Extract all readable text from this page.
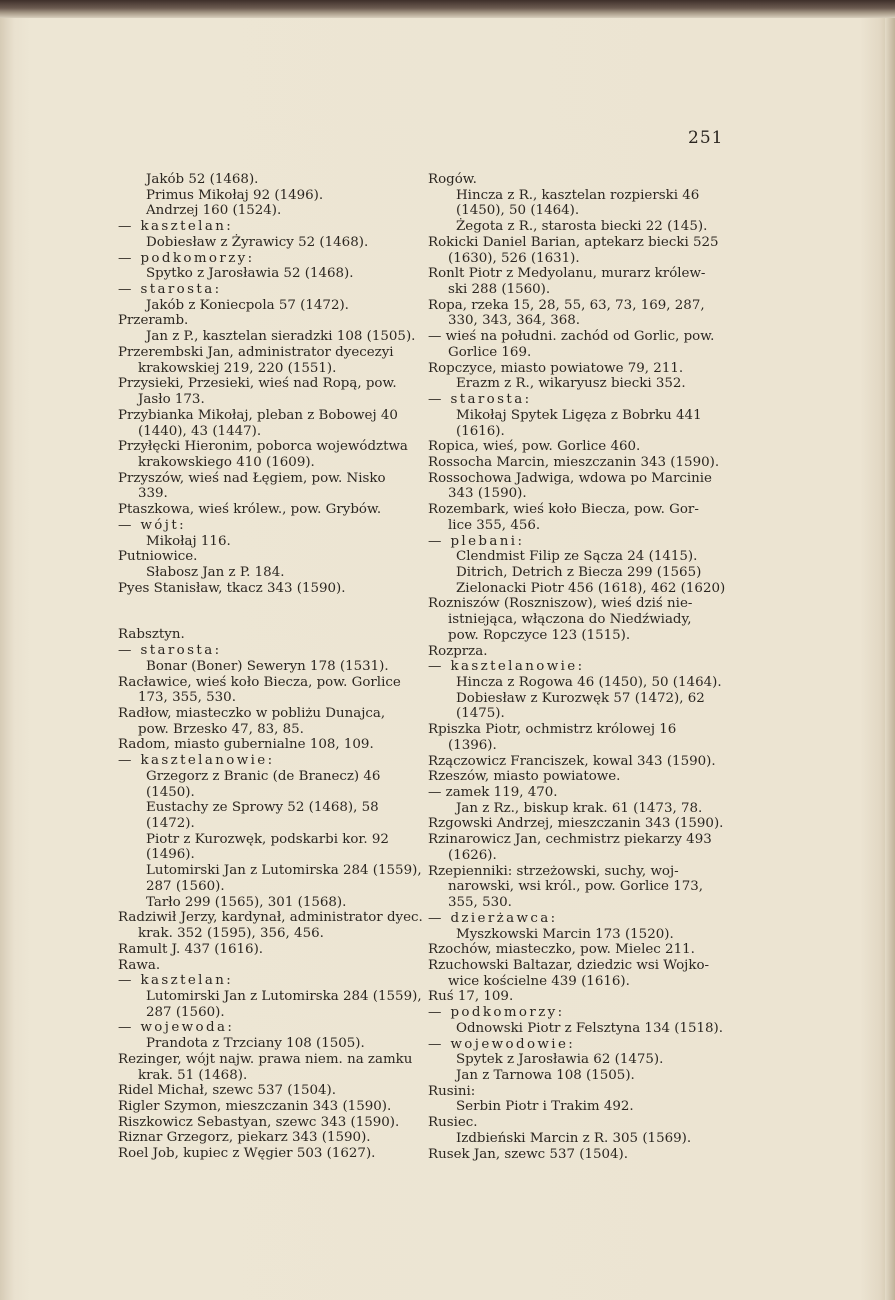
251
Jakób 52 (1468).
Primus Mikołaj 92 (1496).
Andrzej 160 (1524).
— kasztelan:
Dobiesław z Żyrawicy 52 (1468).
— podkomorzy:
Spytko z Jarosławia 52 (1468).
— starosta:
Jakób z Koniecpola 57 (1472).
Przeramb.
Jan z P., kasztelan sieradzki 108 (1505).
Przerembski Jan, administrator dyecezyi
krakowskiej 219, 220 (1551).
Przysieki, Przesieki, wieś nad Ropą, pow.
Jasło 173.
Przybianka Mikołaj, pleban z Bobowej 40
(1440), 43 (1447).
Przyłęcki Hieronim, poborca województwa
krakowskiego 410 (1609).
Przyszów, wieś nad Łęgiem, pow. Nisko
339.
Ptaszkowa, wieś królew., pow. Grybów.
— wójt:
Mikołaj 116.
Putniowice.
Słabosz Jan z P. 184.
Pyes Stanisław, tkacz 343 (1590).
Rabsztyn.
— starosta:
Bonar (Boner) Seweryn 178 (1531).
Racławice, wieś koło Biecza, pow. Gorlice
173, 355, 530.
Radłow, miasteczko w pobliżu Dunajca,
pow. Brzesko 47, 83, 85.
Radom, miasto gubernialne 108, 109.
— kasztelanowie:
Grzegorz z Branic (de Branecz) 46
(1450).
Eustachy ze Sprowy 52 (1468), 58
(1472).
Piotr z Kurozwęk, podskarbi kor. 92
(1496).
Lutomirski Jan z Lutomirska 284 (1559),
287 (1560).
Tarło 299 (1565), 301 (1568).
Radziwił Jerzy, kardynał, administrator dyec.
krak. 352 (1595), 356, 456.
Ramult J. 437 (1616).
Rawa.
— kasztelan:
Lutomirski Jan z Lutomirska 284 (1559),
287 (1560).
— wojewoda:
Prandota z Trzciany 108 (1505).
Rezinger, wójt najw. prawa niem. na zamku
krak. 51 (1468).
Ridel Michał, szewc 537 (1504).
Rigler Szymon, mieszczanin 343 (1590).
Riszkowicz Sebastyan, szewc 343 (1590).
Riznar Grzegorz, piekarz 343 (1590).
Roel Job, kupiec z Węgier 503 (1627).
Rogów.
Hincza z R., kasztelan rozpierski 46
(1450), 50 (1464).
Żegota z R., starosta biecki 22 (145).
Rokicki Daniel Barian, aptekarz biecki 525
(1630), 526 (1631).
Ronlt Piotr z Medyolanu, murarz królew-
ski 288 (1560).
Ropa, rzeka 15, 28, 55, 63, 73, 169, 287,
330, 343, 364, 368.
— wieś na południ. zachód od Gorlic, pow.
Gorlice 169.
Ropczyce, miasto powiatowe 79, 211.
Erazm z R., wikaryusz biecki 352.
— starosta:
Mikołaj Spytek Ligęza z Bobrku 441
(1616).
Ropica, wieś, pow. Gorlice 460.
Rossocha Marcin, mieszczanin 343 (1590).
Rossochowa Jadwiga, wdowa po Marcinie
343 (1590).
Rozembark, wieś koło Biecza, pow. Gor-
lice 355, 456.
— plebani:
Clendmist Filip ze Sącza 24 (1415).
Ditrich, Detrich z Biecza 299 (1565)
Zielonacki Piotr 456 (1618), 462 (1620)
Rozniszów (Roszniszow), wieś dziś nie-
istniejąca, włączona do Niedźwiady,
pow. Ropczyce 123 (1515).
Rozprza.
— kasztelanowie:
Hincza z Rogowa 46 (1450), 50 (1464).
Dobiesław z Kurozwęk 57 (1472), 62
(1475).
Rpiszka Piotr, ochmistrz królowej 16
(1396).
Rzączowicz Franciszek, kowal 343 (1590).
Rzeszów, miasto powiatowe.
— zamek 119, 470.
Jan z Rz., biskup krak. 61 (1473, 78.
Rzgowski Andrzej, mieszczanin 343 (1590).
Rzinarowicz Jan, cechmistrz piekarzy 493
(1626).
Rzepienniki: strzeżowski, suchy, woj-
narowski, wsi król., pow. Gorlice 173,
355, 530.
— dzierżawca:
Myszkowski Marcin 173 (1520).
Rzochów, miasteczko, pow. Mielec 211.
Rzuchowski Baltazar, dziedzic wsi Wojko-
wice kościelne 439 (1616).
Ruś 17, 109.
— podkomorzy:
Odnowski Piotr z Felsztyna 134 (1518).
— wojewodowie:
Spytek z Jarosławia 62 (1475).
Jan z Tarnowa 108 (1505).
Rusini:
Serbin Piotr i Trakim 492.
Rusiec.
Izdbieński Marcin z R. 305 (1569).
Rusek Jan, szewc 537 (1504).
